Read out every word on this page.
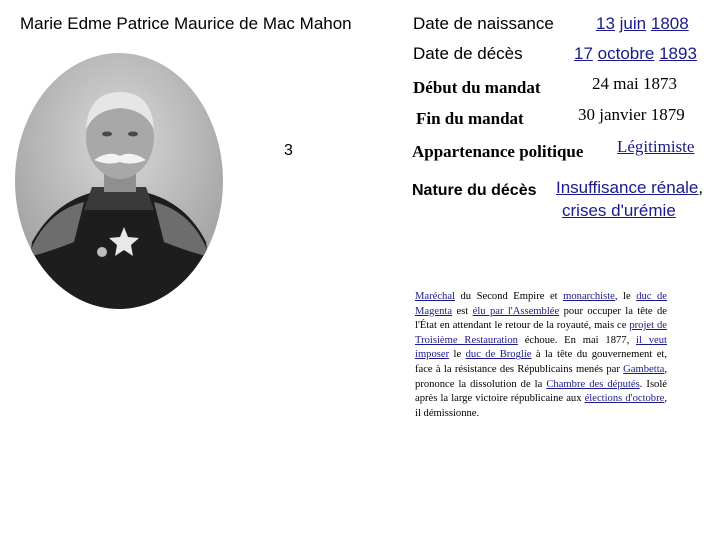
Marie Edme Patrice Maurice de Mac Mahon
3
Date de naissance 13 juin 1808
Date de décès	17 octobre 1893
Début du mandat	24 mai 1873
Fin du mandat	30 janvier 1879
Appartenance politique Légitimiste
Nature du décès Insuffisance rénale,
crises d'urémie
Maréchal du Second Empire et monarchiste, le duc de Magenta est élu par l'Assemblée pour occuper la tête de l'État en attendant le retour de la royauté, mais ce projet de Troisième Restauration échoue. En mai 1877, il veut imposer le duc de Broglie à la tête du gouvernement et, face à la résistance des Républicains menés par Gambetta, prononce la dissolution de la Chambre des députés. Isolé après la large victoire républicaine aux élections d'octobre, il démissionne.
